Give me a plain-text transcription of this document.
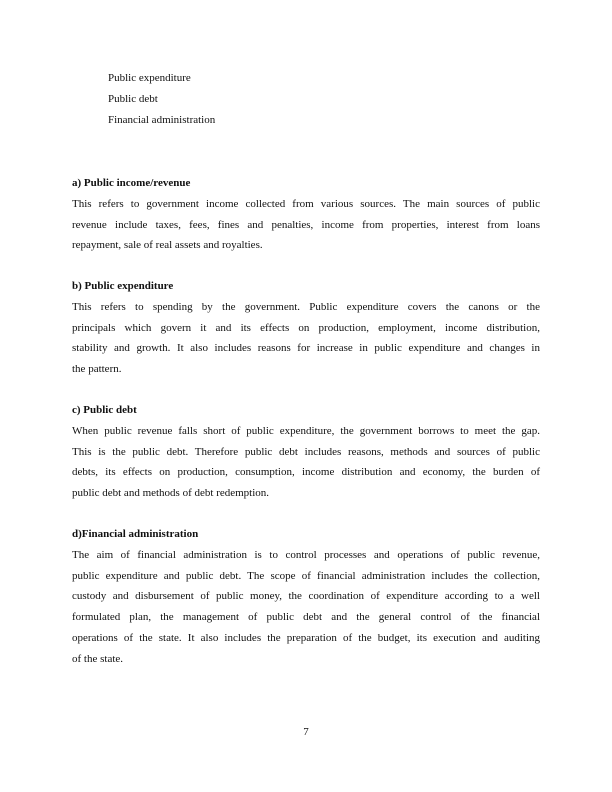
Public expenditure
Public debt
Financial administration
a) Public income/revenue
This refers to government income collected from various sources. The main sources of public
revenue include taxes, fees, fines and penalties, income from properties, interest from loans
repayment, sale of real assets and royalties.
b) Public expenditure
This refers to spending by the government. Public expenditure covers the canons or the
principals which govern it and its effects on production, employment, income distribution,
stability and growth. It also includes reasons for increase in public expenditure and changes in
the pattern.
c) Public debt
When public revenue falls short of public expenditure, the government borrows to meet the gap.
This is the public debt. Therefore public debt includes reasons, methods and sources of public
debts, its effects on production, consumption, income distribution and economy, the burden of
public debt and methods of debt redemption.
d)Financial administration
The aim of financial administration is to control processes and operations of public revenue,
public expenditure and public debt. The scope of financial administration includes the collection,
custody and disbursement of public money, the coordination of expenditure according to a well
formulated plan, the management of public debt and the general control of the financial
operations of the state. It also includes the preparation of the budget, its execution and auditing
of the state.
7
